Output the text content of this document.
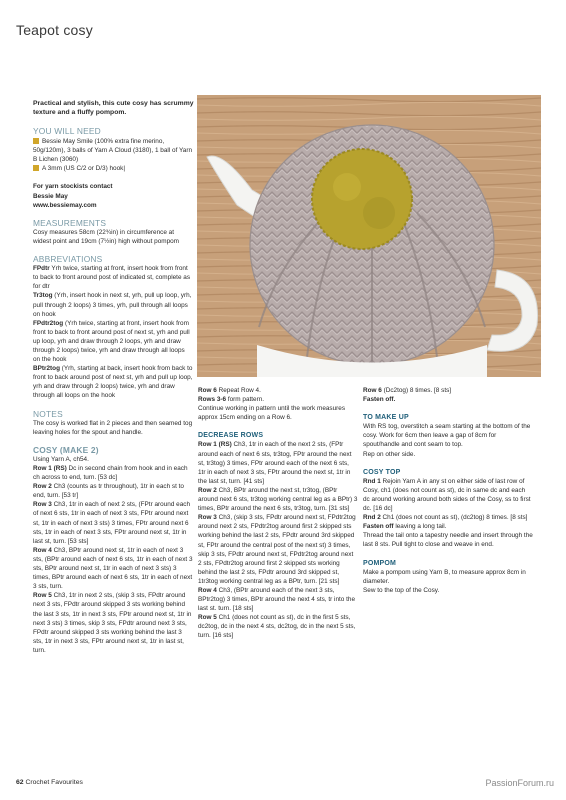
Teapot cosy
Practical and stylish, this cute cosy has scrummy texture and a fluffy pompom.

YOU WILL NEED

Bessie May Smile (100% extra fine merino, 50g/120m), 3 balls of Yarn A Cloud (3180), 1 ball of Yarn B Lichen (3060)

A 3mm (US C/2 or D/3) hook|

For yarn stockists contact

Bessie May

www.bessiemay.com

MEASUREMENTS

Cosy measures 58cm (22¾in) in circumference at widest point and 19cm (7½in) high without pompom

ABBREVIATIONS

FPdtr Yrh twice, starting at front, insert hook from front to back to front around post of indicated st, complete as for dtr

Tr3tog (Yrh, insert hook in next st, yrh, pull up loop, yrh, pull through 2 loops) 3 times, yrh, pull through all loops on hook

FPdtr2tog (Yrh twice, starting at front, insert hook from front to back to front around post of next st, yrh and pull up loop, yrh and draw through 2 loops, yrh and draw through 2 loops) twice, yrh and draw through all loops on the hook

BPtr2tog (Yrh, starting at back, insert hook from back to front to back around post of next st, yrh and pull up loop, yrh and draw through 2 loops) twice, yrh and draw through all loops on the hook

NOTES

The cosy is worked flat in 2 pieces and then seamed tog leaving holes for the spout and handle.

COSY (MAKE 2)

Using Yarn A, ch54.

Row 1 (RS) Dc in second chain from hook and in each ch across to end, turn. [53 dc]

Row 2 Ch3 (counts as tr throughout), 1tr in each st to end, turn. [53 tr]

Row 3 Ch3, 1tr in each of next 2 sts, (FPtr around each of next 6 sts, 1tr in each of next 3 sts, FPtr around next st, 1tr in each of next 3 sts) 3 times, FPtr around next 6 sts, 1tr in each of next 3 sts, FPtr around next st, 1tr in last st, turn. [53 sts]

Row 4 Ch3, BPtr around next st, 1tr in each of next 3 sts, (BPtr around each of next 6 sts, 1tr in each of next 3 sts, BPtr around next st, 1tr in each of next 3 sts) 3 times, BPtr around each of next 6 sts, 1tr in each of next 3 sts, turn.

Row 5 Ch3, 1tr in next 2 sts, (skip 3 sts, FPdtr around next 3 sts, FPdtr around skipped 3 sts working behind the last 3 sts, 1tr in next 3 sts, FPtr around next st, 1tr in next 3 sts) 3 times, skip 3 sts, FPdtr around next 3 sts, FPdtr around skipped 3 sts working behind the last 3 sts, 1tr in next 3 sts, FPtr around next st, 1tr in last st, turn.

Row 6 Repeat Row 4.

Rows 3-6 form pattern.

Continue working in pattern until the work measures approx 15cm ending on a Row 6.

DECREASE ROWS

Row 1 (RS) Ch3, 1tr in each of the next 2 sts, (FPtr around each of next 6 sts, tr3tog, FPtr around the next st, tr3tog) 3 times, FPtr around each of the next 6 sts, 1tr in each of next 3 sts, FPtr around the next st, 1tr in the last st, turn. [41 sts]

Row 2 Ch3, BPtr around the next st, tr3tog, (BPtr around next 6 sts, tr3tog working central leg as a BPtr) 3 times, BPtr around the next 6 sts, tr3tog, turn. [31 sts]

Row 3 Ch3, (skip 3 sts, FPdtr around next st, FPdtr2tog around next 2 sts, FPdtr2tog around first 2 skipped sts working behind the last 2 sts, FPdtr around 3rd skipped st, FPtr around the central post of the next st) 3 times, skip 3 sts, FPdtr around next st, FPdtr2tog around next 2 sts, FPdtr2tog around first 2 skipped sts working behind the last 2 sts, FPdtr around 3rd skipped st, 1tr3tog working central leg as a BPtr, turn. [21 sts]

Row 4 Ch3, (BPtr around each of the next 3 sts, BPtr2tog) 3 times, BPtr around the next 4 sts, tr into the last st. turn. [18 sts]

Row 5 Ch1 (does not count as st), dc in the first 5 sts, dc2tog, dc in the next 4 sts, dc2tog, dc in the next 5 sts, turn. [16 sts]

Row 6 (Dc2tog) 8 times. [8 sts]

Fasten off.

TO MAKE UP

With RS tog, overstitch a seam starting at the bottom of the cosy. Work for 6cm then leave a gap of 8cm for spout/handle and cont seam to top.

Rep on other side.

COSY TOP

Rnd 1 Rejoin Yarn A in any st on either side of last row of Cosy, ch1 (does not count as st), dc in same dc and each dc around working around both sides of the Cosy, ss to first dc. [16 dc]

Rnd 2 Ch1 (does not count as st), (dc2tog) 8 times. [8 sts]

Fasten off leaving a long tail.

Thread the tail onto a tapestry needle and insert through the last 8 sts. Pull tight to close and weave in end.

POMPOM

Make a pompom using Yarn B, to measure approx 8cm in diameter.

Sew to the top of the Cosy.

62 Crochet Favourites	PassionForum.ru
